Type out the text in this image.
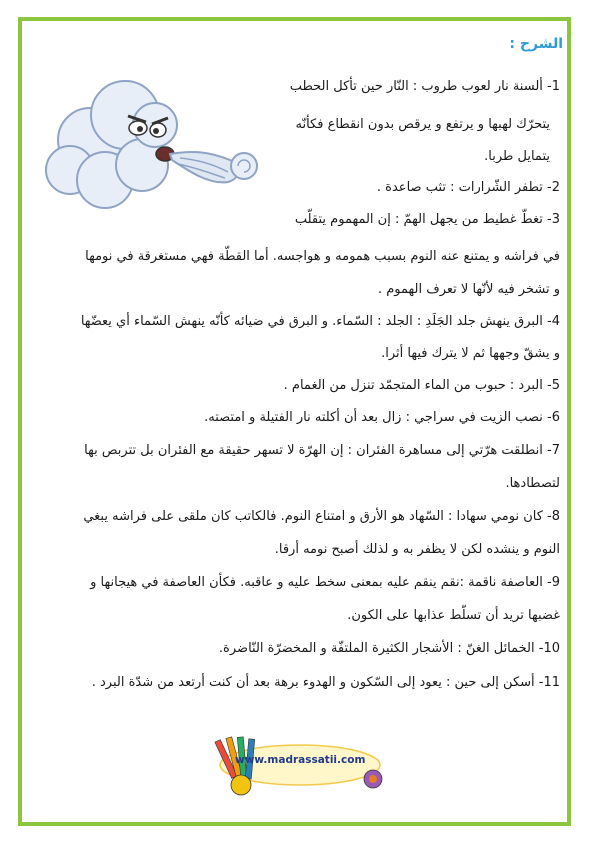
الشرح :
1- ألسنة نار لعوب طروب : النّار حين تأكل الحطب
يتحرّك لهبها و يرتفع و يرقص بدون انقطاع فكأنّه
يتمايل طربا.
2- تطفر الشّرارات : تثب صاعدة .
3- تغطّ غطيط من يجهل الهمّ : إن المهموم يتقلّب
في فراشه و يمتنع عنه النوم بسبب همومه و هواجسه. أما القطّة فهي مستغرقة في نومها
و تشخر فيه لأنّها لا تعرف الهموم .
4- البرق ينهش جلد الجَلَدِ : الجلد : السّماء. و البرق في ضيائه كأنّه ينهش السّماء أي يعضّها
و يشقّ وجهها ثم لا يترك فيها أثرا.
5- البرد : حبوب من الماء المتجمّد تنزل من الغمام .
6- نصب الزيت في سراجي : زال بعد أن أكلته نار الفتيلة و امتصته.
7- انطلقت هرّتي إلى مساهرة الفئران : إن الهرّة لا تسهر حقيقة مع الفئران بل تتربص بها
لتصطادها.
8- كان نومي سهادا : السّهاد هو الأرق و امتناع النوم. فالكاتب كان ملقى على فراشه يبغي
النوم و ينشده لكن لا يظفر به و لذلك أصبح نومه أرقا.
9- العاصفة ناقمة :نقم ينقم عليه بمعنى سخط عليه و عاقبه. فكأن العاصفة في هيجانها و
غضبها تريد أن تسلّط عذابها على الكون.
10- الخمائل الغنّ : الأشجار الكثيرة الملتفّة و المخضرّة النّاضرة.
11- أسكن إلى حين : يعود إلى السّكون و الهدوء برهة بعد أن كنت أرتعد من شدّة البرد .
www.madrassatii.com
